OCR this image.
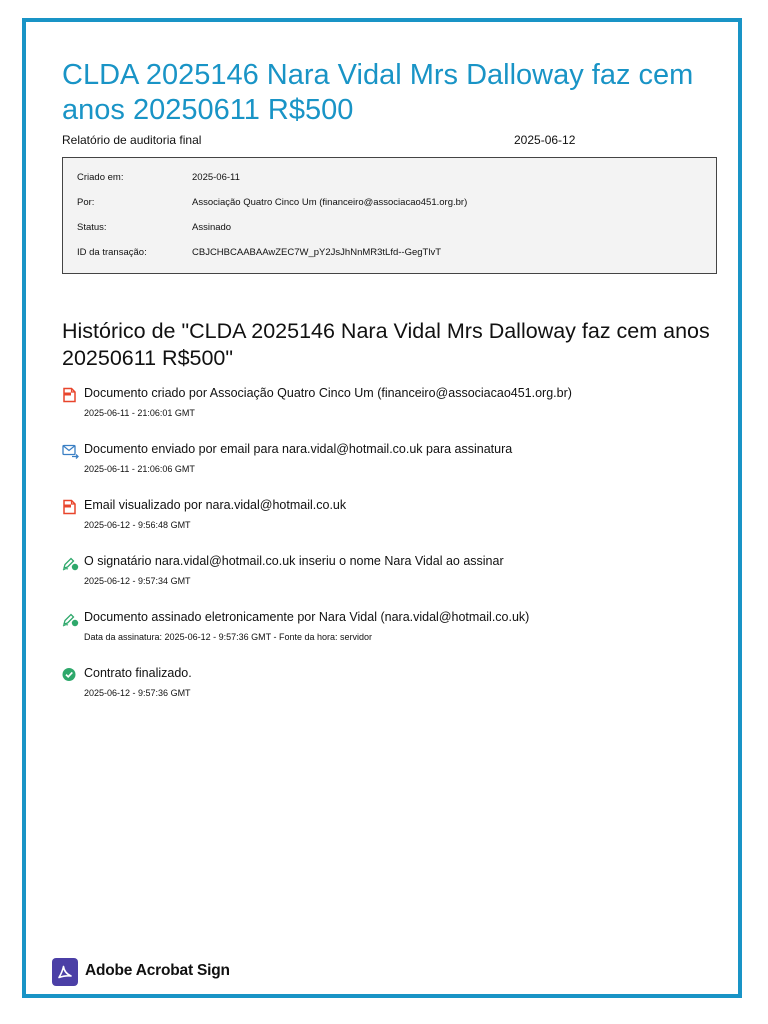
CLDA 2025146 Nara Vidal Mrs Dalloway faz cem anos 20250611 R$500
Relatório de auditoria final	2025-06-12
Criado em:	2025-06-11
Por:	Associação Quatro Cinco Um (financeiro@associacao451.org.br)
Status:	Assinado
ID da transação:	CBJCHBCAABAAwZEC7W_pY2JsJhNnMR3tLfd--GegTlvT
Histórico de "CLDA 2025146 Nara Vidal Mrs Dalloway faz cem anos 20250611 R$500"
Documento criado por Associação Quatro Cinco Um (financeiro@associacao451.org.br)
2025-06-11 - 21:06:01 GMT
Documento enviado por email para nara.vidal@hotmail.co.uk para assinatura
2025-06-11 - 21:06:06 GMT
Email visualizado por nara.vidal@hotmail.co.uk
2025-06-12 - 9:56:48 GMT
O signatário nara.vidal@hotmail.co.uk inseriu o nome Nara Vidal ao assinar
2025-06-12 - 9:57:34 GMT
Documento assinado eletronicamente por Nara Vidal (nara.vidal@hotmail.co.uk)
Data da assinatura: 2025-06-12 - 9:57:36 GMT - Fonte da hora: servidor
Contrato finalizado.
2025-06-12 - 9:57:36 GMT
Adobe Acrobat Sign
